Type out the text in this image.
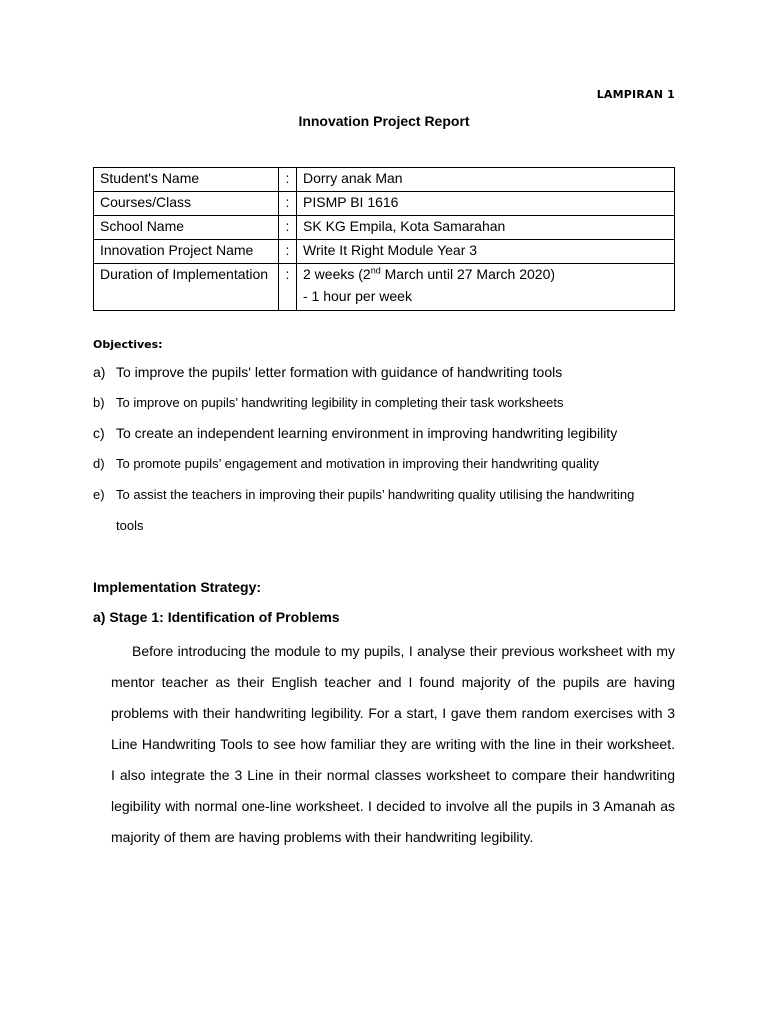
LAMPIRAN 1
Innovation Project Report
Student's Name	:	Dorry anak Man
Courses/Class	:	PISMP BI 1616
School Name	:	SK KG Empila, Kota Samarahan
Innovation Project Name	:	Write It Right Module Year 3
Duration of Implementation	:	2 weeks (2nd March until 27 March 2020)
- 1 hour per week
Objectives:
a) To improve the pupils' letter formation with guidance of handwriting tools
b) To improve on pupils’ handwriting legibility in completing their task worksheets
c) To create an independent learning environment in improving handwriting legibility
d) To promote pupils’ engagement and motivation in improving their handwriting quality
e) To assist the teachers in improving their pupils’ handwriting quality utilising the handwriting
tools
Implementation Strategy:
a) Stage 1: Identification of Problems
Before introducing the module to my pupils, I analyse their previous worksheet with my
mentor teacher as their English teacher and I found majority of the pupils are having
problems with their handwriting legibility. For a start, I gave them random exercises with 3
Line Handwriting Tools to see how familiar they are writing with the line in their worksheet.
I also integrate the 3 Line in their normal classes worksheet to compare their handwriting
legibility with normal one-line worksheet. I decided to involve all the pupils in 3 Amanah as
majority of them are having problems with their handwriting legibility.
